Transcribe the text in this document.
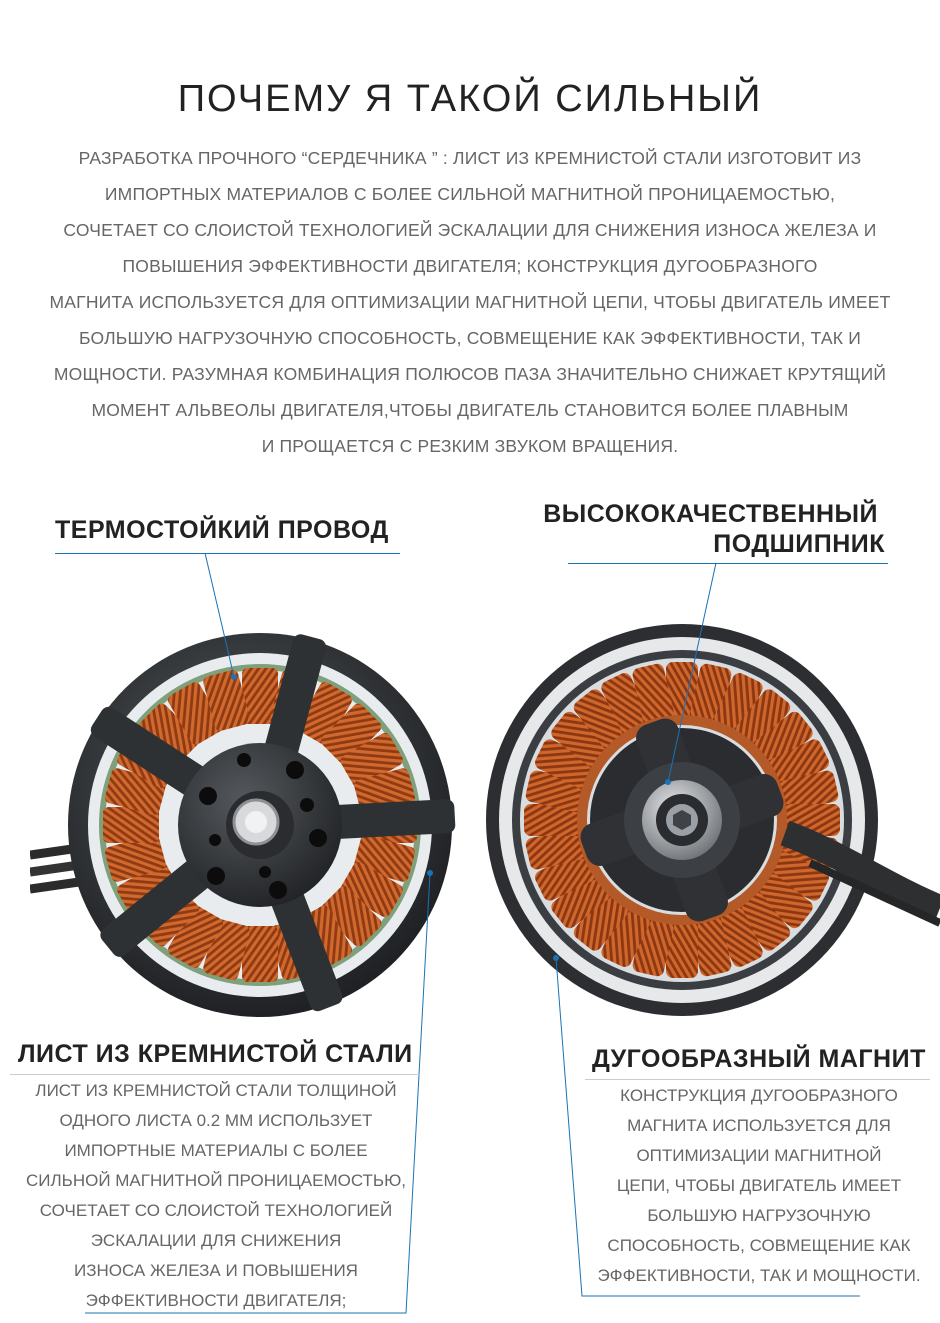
ПОЧЕМУ Я ТАКОЙ СИЛЬНЫЙ
РАЗРАБОТКА ПРОЧНОГО “СЕРДЕЧНИКА ” : ЛИСТ ИЗ КРЕМНИСТОЙ СТАЛИ ИЗГОТОВИТ ИЗ
ИМПОРТНЫХ МАТЕРИАЛОВ С БОЛЕЕ СИЛЬНОЙ МАГНИТНОЙ ПРОНИЦАЕМОСТЬЮ,
СОЧЕТАЕТ СО СЛОИСТОЙ ТЕХНОЛОГИЕЙ ЭСКАЛАЦИИ ДЛЯ СНИЖЕНИЯ ИЗНОСА ЖЕЛЕЗА И
ПОВЫШЕНИЯ ЭФФЕКТИВНОСТИ ДВИГАТЕЛЯ; КОНСТРУКЦИЯ ДУГООБРАЗНОГО
МАГНИТА ИСПОЛЬЗУЕТСЯ ДЛЯ ОПТИМИЗАЦИИ МАГНИТНОЙ ЦЕПИ, ЧТОБЫ ДВИГАТЕЛЬ ИМЕЕТ
БОЛЬШУЮ НАГРУЗОЧНУЮ СПОСОБНОСТЬ, СОВМЕЩЕНИЕ КАК ЭФФЕКТИВНОСТИ, ТАК И
МОЩНОСТИ. РАЗУМНАЯ КОМБИНАЦИЯ ПОЛЮСОВ ПАЗА ЗНАЧИТЕЛЬНО СНИЖАЕТ КРУТЯЩИЙ
МОМЕНТ АЛЬВЕОЛЫ ДВИГАТЕЛЯ,ЧТОБЫ ДВИГАТЕЛЬ СТАНОВИТСЯ БОЛЕЕ ПЛАВНЫМ
И ПРОЩАЕТСЯ С РЕЗКИМ ЗВУКОМ ВРАЩЕНИЯ.
ТЕРМОСТОЙКИЙ ПРОВОД
ВЫСОКОКАЧЕСТВЕННЫЙ
ПОДШИПНИК
ЛИСТ ИЗ КРЕМНИСТОЙ СТАЛИ	ДУГООБРАЗНЫЙ МАГНИТ
ЛИСТ ИЗ КРЕМНИСТОЙ СТАЛИ ТОЛЩИНОЙ
ОДНОГО ЛИСТА 0.2 ММ ИСПОЛЬЗУЕТ
ИМПОРТНЫЕ МАТЕРИАЛЫ С БОЛЕЕ
СИЛЬНОЙ МАГНИТНОЙ ПРОНИЦАЕМОСТЬЮ,
СОЧЕТАЕТ СО СЛОИСТОЙ ТЕХНОЛОГИЕЙ
ЭСКАЛАЦИИ ДЛЯ СНИЖЕНИЯ
ИЗНОСА ЖЕЛЕЗА И ПОВЫШЕНИЯ
ЭФФЕКТИВНОСТИ ДВИГАТЕЛЯ;
КОНСТРУКЦИЯ ДУГООБРАЗНОГО
МАГНИТА ИСПОЛЬЗУЕТСЯ ДЛЯ
ОПТИМИЗАЦИИ МАГНИТНОЙ
ЦЕПИ, ЧТОБЫ ДВИГАТЕЛЬ ИМЕЕТ
БОЛЬШУЮ НАГРУЗОЧНУЮ
СПОСОБНОСТЬ, СОВМЕЩЕНИЕ КАК
ЭФФЕКТИВНОСТИ, ТАК И МОЩНОСТИ.
